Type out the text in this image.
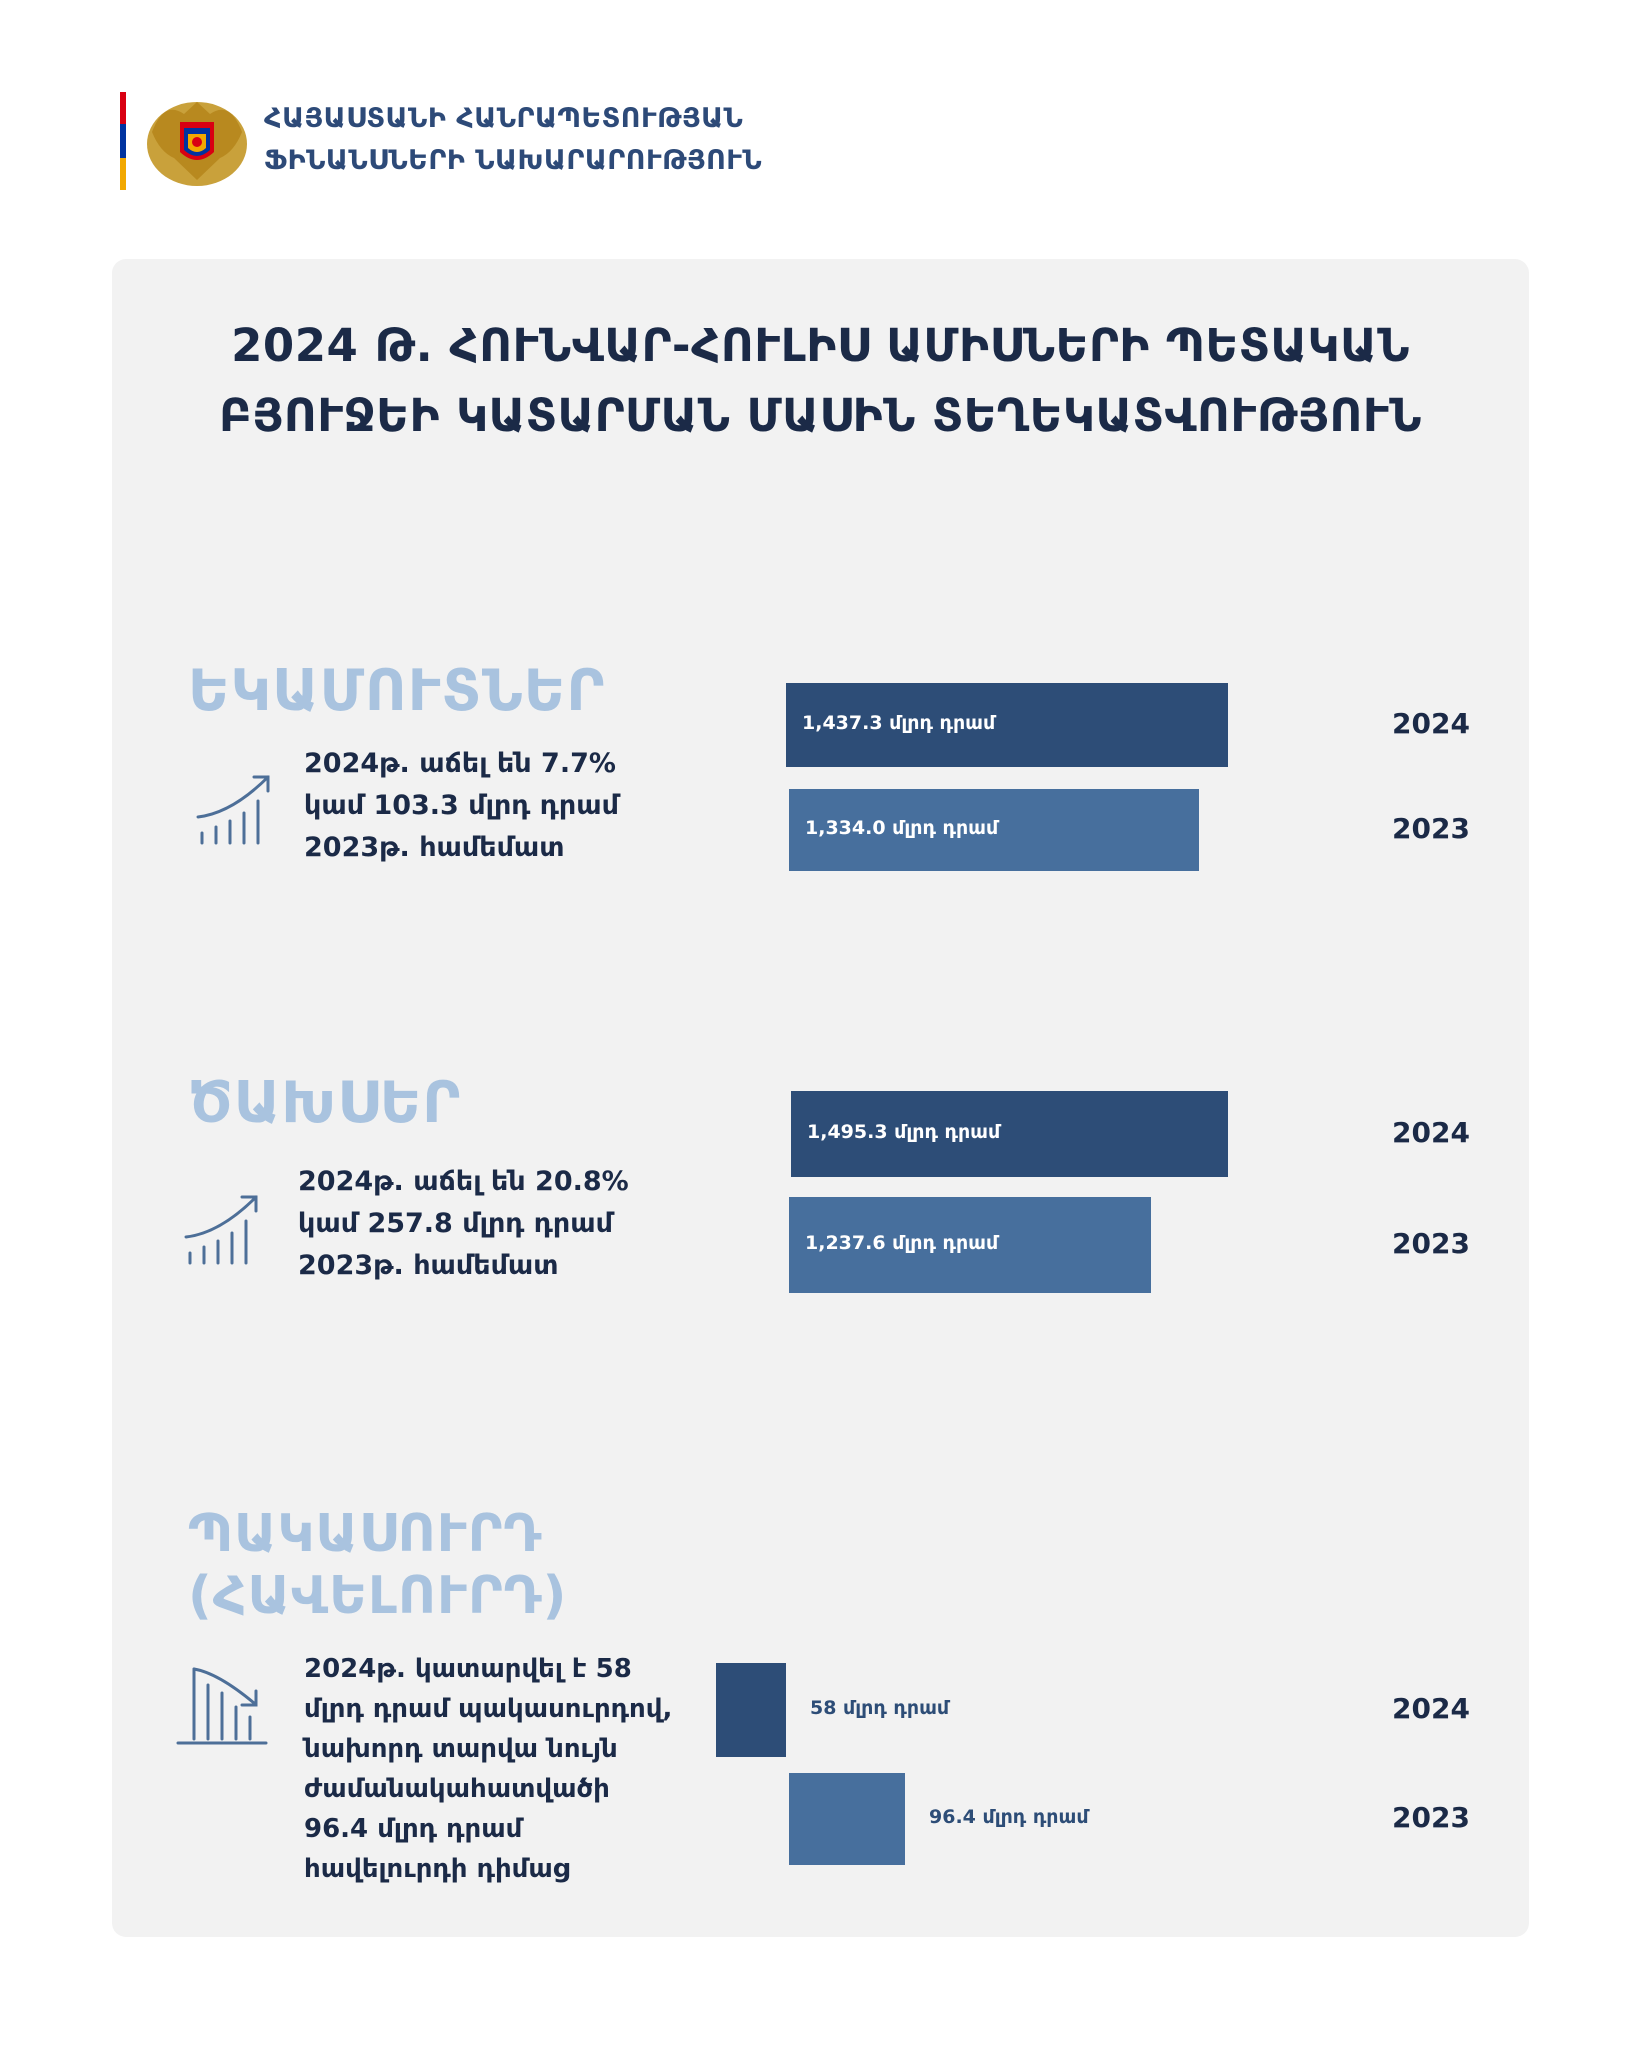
ՀԱՅԱՍՏԱՆԻ ՀԱՆՐԱՊԵՏՈՒԹՅԱՆ
ՖԻՆԱՆՍՆԵՐԻ ՆԱԽԱՐԱՐՈՒԹՅՈՒՆ
2024 Թ. ՀՈՒՆՎԱՐ-ՀՈՒԼԻՍ ԱՄԻՍՆԵՐԻ ՊԵՏԱԿԱՆ
ԲՅՈՒՋԵԻ ԿԱՏԱՐՄԱՆ ՄԱՍԻՆ ՏԵՂԵԿԱՏՎՈՒԹՅՈՒՆ
ԵԿԱՄՈՒՏՆԵՐ
2024թ. աճել են 7.7%
կամ 103.3 մլրդ դրամ
2023թ. համեմատ
ԾԱԽՍԵՐ
2024թ. աճել են 20.8%
կամ 257.8 մլրդ դրամ
2023թ. համեմատ
ՊԱԿԱՍՈՒՐԴ
(ՀԱՎԵԼՈՒՐԴ)
2024թ. կատարվել է 58
մլրդ դրամ պակասուրդով,
նախորդ տարվա նույն
ժամանակահատվածի
96.4 մլրդ դրամ
հավելուրդի դիմաց
1,437.3 մլրդ դրամ	2024
1,334.0 մլրդ դրամ	2023
1,495.3 մլրդ դրամ	2024
1,237.6 մլրդ դրամ	2023
58 մլրդ դրամ	2024
96.4 մլրդ դրամ	2023
